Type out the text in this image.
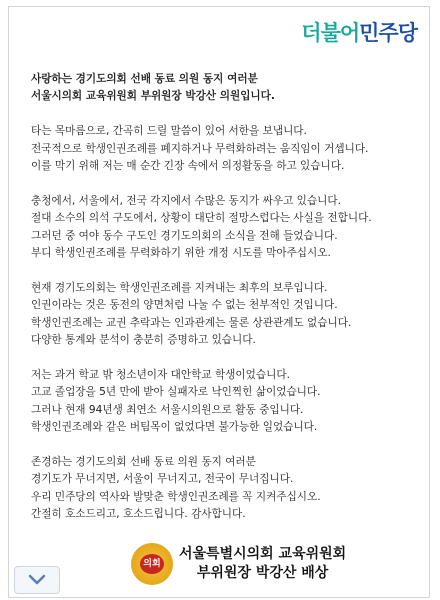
더불어민주당
사랑하는 경기도의회 선배 동료 의원 동지 여러분
서울시의회 교육위원회 부위원장 박강산 의원입니다.
타는 목마름으로, 간곡히 드릴 말씀이 있어 서한을 보냅니다.
전국적으로 학생인권조례를 폐지하거나 무력화하려는 움직임이 거셉니다.
이를 막기 위해 저는 매 순간 긴장 속에서 의정활동을 하고 있습니다.
충청에서, 서울에서, 전국 각지에서 수많은 동지가 싸우고 있습니다.
절대 소수의 의석 구도에서, 상황이 대단히 절망스럽다는 사실을 전합니다.
그러던 중 여야 동수 구도인 경기도의회의 소식을 전해 들었습니다.
부디 학생인권조례를 무력화하기 위한 개정 시도를 막아주십시오.
현재 경기도의회는 학생인권조례를 지켜내는 최후의 보루입니다.
인권이라는 것은 동전의 양면처럼 나눌 수 없는 천부적인 것입니다.
학생인권조례는 교권 추락과는 인과관계는 물론 상관관계도 없습니다.
다양한 통계와 분석이 충분히 증명하고 있습니다.
저는 과거 학교 밖 청소년이자 대안학교 학생이었습니다.
고교 졸업장을 5년 만에 받아 실패자로 낙인찍힌 삶이었습니다.
그러나 현재 94년생 최연소 서울시의원으로 활동 중입니다.
학생인권조례와 같은 버팀목이 없었다면 불가능한 일었습니다.
존경하는 경기도의회 선배 동료 의원 동지 여러분
경기도가 무너지면, 서울이 무너지고, 전국이 무너집니다.
우리 민주당의 역사와 발맞춘 학생인권조례를 꼭 지켜주십시오.
간절히 호소드리고, 호소드립니다. 감사합니다.
의회
서울특별시의회 교육위원회
부위원장 박강산 배상
